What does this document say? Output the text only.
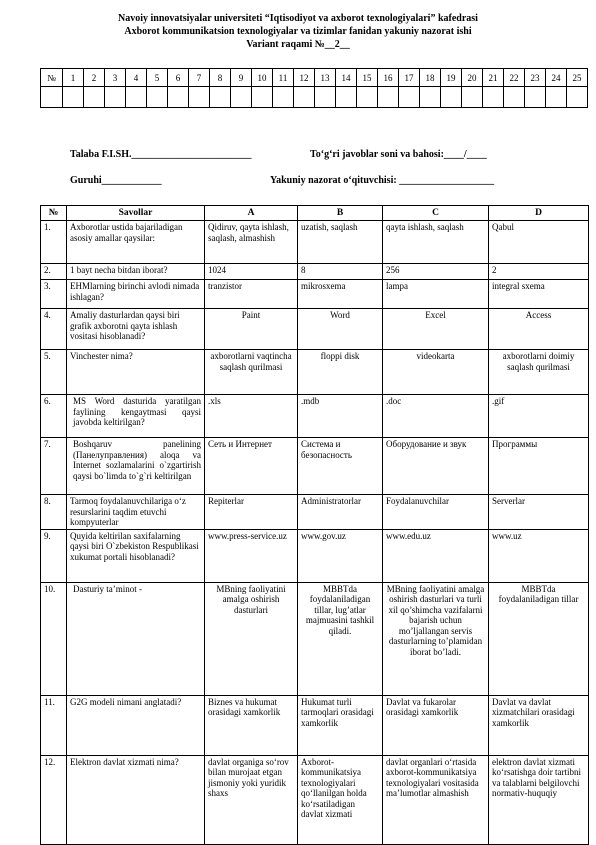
Navoiy innovatsiyalar universiteti “Iqtisodiyot va axborot texnologiyalari” kafedrasi
Axborot kommunikatsion texnologiyalar va tizimlar fanidan yakuniy nazorat ishi
Variant raqami №__2__
№	1	2	3	4	5	6	7	8	9	10	11	12	13	14	15	16	17	18	19	20	21	22	23	24	25

Talaba F.I.SH.________________________	To‘g‘ri javoblar soni va bahosi:____/____
Guruhi____________	Yakuniy nazorat o‘qituvchisi: ___________________
№	Savollar	A	B	C	D
1.	Axborotlar ustida bajariladigan asosiy amallar qaysilar:	Qidiruv, qayta ishlash, saqlash, almashish	uzatish, saqlash	qayta ishlash, saqlash	Qabul
2.	1 bayt necha bitdan iborat?	1024	8	256	2
3.	EHMlarning birinchi avlodi nimada ishlagan?	tranzistor	mikrosxema	lampa	integral sxema
4.	Amaliy dasturlardan qaysi biri grafik axborotni qayta ishlash vositasi hisoblanadi?	Paint	Word	Excel	Access
5.	Vinchester nima?	axborotlarni vaqtincha saqlash qurilmasi	floppi disk	videokarta	axborotlarni doimiy saqlash qurilmasi
6.	MS Word dasturida yaratilgan faylining kengaytmasi qaysi javobda keltirilgan?	.xls	.mdb	.doc	.gif
7.	Boshqaruv panelining (Панелуправления) aloqa va Internet sozlamalarini o`zgartirish qaysi bo`limda to`g`ri keltirilgan	Сеть и Интернет	Система и безопасность	Оборудование и звук	Программы
8.	Tarmoq foydalanuvchilariga o‘z resurslarini taqdim etuvchi kompyuterlar	Repiterlar	Administratorlar	Foydalanuvchilar	Serverlar
9.	Quyida keltirilan saxifalarning qaysi biri O`zbekiston Respublikasi xukumat portali hisoblanadi?	www.press-service.uz	www.gov.uz	www.edu.uz	www.uz
10.	Dasturiy ta’minot -	MBning faoliyatini amalga oshirish dasturlari	MBBTda foydalaniladigan tillar, lug’atlar majmuasini tashkil qiladi.	MBning faoliyatini amalga oshirish dasturlari va turli xil qo’shimcha vazifalarni bajarish uchun mo’ljallangan servis dasturlarning to’plamidan iborat bo’ladi.	MBBTda foydalaniladigan tillar
11.	G2G modeli nimani anglatadi?	Biznes va hukumat orasidagi xamkorlik	Hukumat turli tarmoqlari orasidagi xamkorlik	Davlat va fukarolar orasidagi xamkorlik	Davlat va davlat xizmatchilari orasidagi xamkorlik
12.	Elektron davlat xizmati nima?	davlat organiga so‘rov bilan murojaat etgan jismoniy yoki yuridik shaxs	Axborot-kommunikatsiya texnologiyalari qo‘llanilgan holda ko‘rsatiladigan davlat xizmati	davlat organlari o‘rtasida axborot-kommunikatsiya texnologiyalari vositasida ma’lumotlar almashish	elektron davlat xizmati ko‘rsatishga doir tartibni va talablarni belgilovchi normativ-huquqiy
